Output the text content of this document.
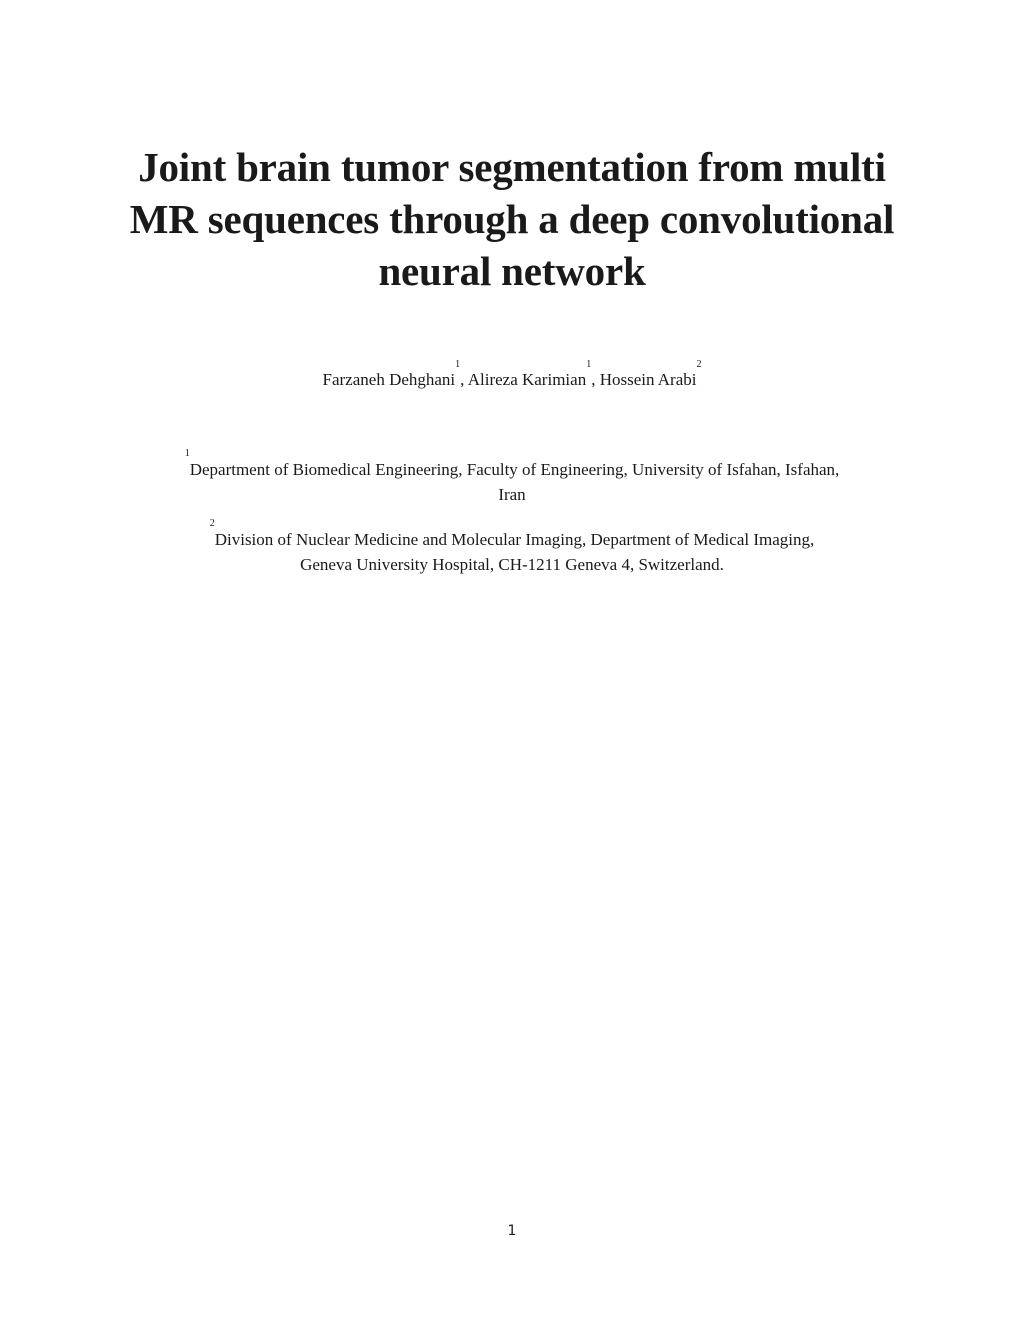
Joint brain tumor segmentation from multi
MR sequences through a deep convolutional
neural network
Farzaneh Dehghani$^1$, Alireza Karimian$^1$, Hossein Arabi$^2$
$^1$Department of Biomedical Engineering, Faculty of Engineering, University of Isfahan, Isfahan,
Iran
$^2$Division of Nuclear Medicine and Molecular Imaging, Department of Medical Imaging,
Geneva University Hospital, CH-1211 Geneva 4, Switzerland.
1
